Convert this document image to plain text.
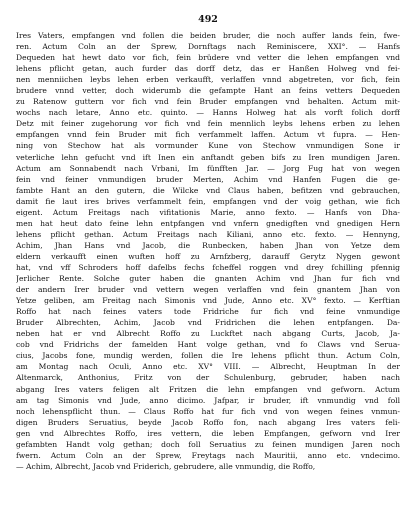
492
Ires Vaters, empfangen vnd follen die beiden bruder, die noch auffer lands fein, fwe-
ren. Actum Coln an der Sprew, Dornftags nach Reminiscere, XXI°. — Hanfs
Dequeden hat hewt dato vor fich, fein brüdere vnd vetter die lehen empfangen vnd
lehens pflicht getan, auch furder das dorff detz, das er Hanßen Holweg vnd fei-
nen menniichen leybs lehen erben verkaufft, verlaffen vnnd abgetreten, vor fich, fein
brudere vnnd vetter, doch widerumb die gefampte Hant an feins vetters Dequeden
zu Ratenow guttern vor fich vnd fein Bruder empfangen vnd behalten. Actum mit-
wochs nach letare, Anno etc. quinto. — Hanns Holweg hat als vorft folich dorff
Detz mit feiner zugehorung vor fich vnd fein mennlich leybs lehens erben zu lehen
empfangen vnnd fein Bruder mit fich verfammelt laffen. Actum vt fupra. — Hen-
ning von Stechow hat als vormunder Kune von Stechow vnmundigen Sone ir
veterliche lehn gefucht vnd ift Inen ein anftandt geben bifs zu Iren mundigen Jaren.
Actum am Sonnabendt nach Vrbani, Im fünfften Jar. — Jorg Fug hat von wegen
fein vnd feiner vnmundigen bruder Merten, Achim vnd Hanfen Fugen die ge-
fambte Hant an den gutern, die Wilcke vnd Claus haben, befitzen vnd gebrauchen,
damit fie laut ires brives verfammelt fein, empfangen vnd der voig gethan, wie fich
eigent. Actum Freitags nach vifitationis Marie, anno fexto. — Hanfs von Dha-
men hat heut dato feine lehn entpfangen vnd vnfern gnedigften vnd gnedigen Hern
lehens pflicht gethan. Actum Freitags nach Kiliani, anno etc. fexto. — Hennyng,
Achim, Jhan Hans vnd Jacob, die Runbecken, haben Jhan von Yetze dem
eldern verkaufft einen wuften hoff zu Arnfzberg, darauff Gerytz Nygen gewont
hat, vnd vff Schroders hoff dafelbs fechs fcheffel roggen vnd drey fchilling pfennig
Jerlicher Rente. Solche guter haben die gnanten Achim vnd Jhan fur fich vnd
der andern Irer bruder vnd vettern wegen verlaffen vnd fein gnantem Jhan von
Yetze geliben, am Freitag nach Simonis vnd Jude, Anno etc. XV° fexto. — Kerftian
Roffo hat nach feines vaters tode Fridriche fur fich vnd feine vnmundige
Bruder Albrechten, Achim, Jacob vnd Fridrichen die lehen entpfangen. Da-
neben hat er vnd Albrecht Roffo zu Luckftet nach abgang Curts, Jacob, Ja-
cob vnd Fridrichs der famelden Hant volge gethan, vnd fo Claws vnd Serua-
cius, Jacobs fone, mundig werden, follen die Ire lehens pflicht thun. Actum Coln,
am Montag nach Oculi, Anno etc. XV° VIII. — Albrecht, Heuptman In der
Altenmarck, Anthonius, Fritz von der Schulenburg, gebruder, haben nach
abgang Ires vaters feligen alt Fritzen die lehn empfangen vnd gefworn. Actum
am tag Simonis vnd Jude, anno dicimo. Jafpar, ir bruder, ift vnmundig vnd foll
noch lehenspflicht thun. — Claus Roffo hat fur fich vnd von wegen feines vnmun-
digen Bruders Seruatius, beyde Jacob Roffo fon, nach abgang Ires vaters feli-
gen vnd Albrechtes Roffo, ires vettern, die leben Empfangen, gefworn vnd Irer
gefambten Handt volg gethan; doch foll Seruatius zu feinen mundigen Jaren noch
fwern. Actum Coln an der Sprew, Freytags nach Mauritii, anno etc. vndecimo.
— Achim, Albrecht, Jacob vnd Friderich, gebrudere, alle vnmundig, die Roffo,
